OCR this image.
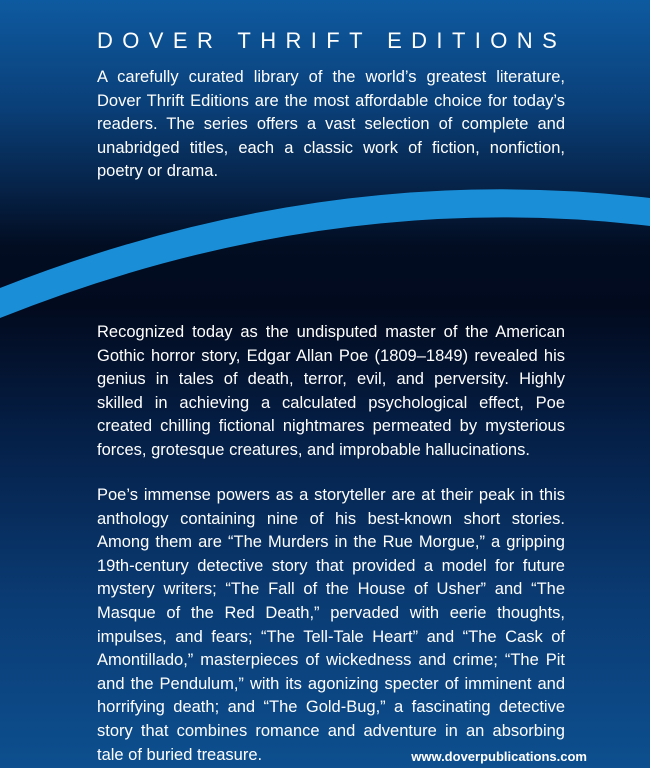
DOVER THRIFT EDITIONS

A carefully curated library of the world’s greatest literature, Dover Thrift Editions are the most affordable choice for today’s readers. The series offers a vast selection of complete and unabridged titles, each a classic work of fiction, nonfiction, poetry or drama.

Recognized today as the undisputed master of the American Gothic horror story, Edgar Allan Poe (1809–1849) revealed his genius in tales of death, terror, evil, and perversity. Highly skilled in achieving a calculated psychological effect, Poe created chilling fictional nightmares permeated by mysterious forces, grotesque creatures, and improbable hallucinations.

Poe’s immense powers as a storyteller are at their peak in this anthology containing nine of his best-known short stories. Among them are “The Murders in the Rue Morgue,” a gripping 19th-century detective story that provided a model for future mystery writers; “The Fall of the House of Usher” and “The Masque of the Red Death,” pervaded with eerie thoughts, impulses, and fears; “The Tell-Tale Heart” and “The Cask of Amontillado,” masterpieces of wickedness and crime; “The Pit and the Pendulum,” with its agonizing specter of imminent and horrifying death; and “The Gold-Bug,” a fascinating detective story that combines romance and adventure in an absorbing tale of buried treasure.	www.doverpublications.com
